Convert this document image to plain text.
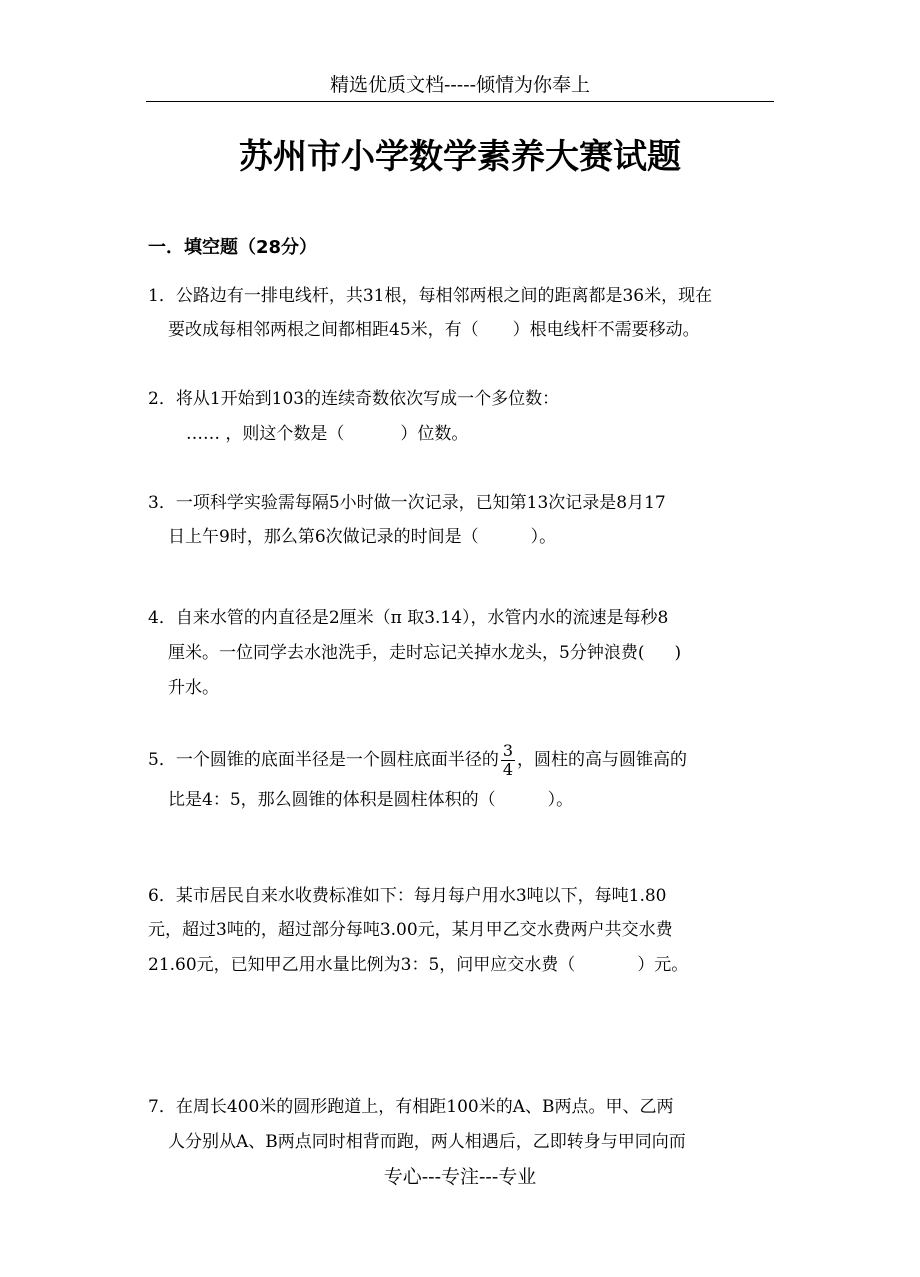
精选优质文档-----倾情为你奉上
苏州市小学数学素养大赛试题
一．填空题（28分）
1．公路边有一排电线杆，共31根，每相邻两根之间的距离都是36米，现在
要改成每相邻两根之间都相距45米，有（ ）根电线杆不需要移动。
2．将从1开始到103的连续奇数依次写成一个多位数：
…… ，则这个数是（	）位数。
3．一项科学实验需每隔5小时做一次记录，已知第13次记录是8月17
日上午9时，那么第6次做记录的时间是（	）。
4．自来水管的内直径是2厘米（π 取3.14），水管内水的流速是每秒8
厘米。一位同学去水池洗手，走时忘记关掉水龙头，5分钟浪费( )
升水。
5．一个圆锥的底面半径是一个圆柱底面半径的 $\frac{3}{4}$ ，圆柱的高与圆锥高的
比是4：5，那么圆锥的体积是圆柱体积的（	）。
6．某市居民自来水收费标准如下：每月每户用水3吨以下，每吨1.80
元，超过3吨的，超过部分每吨3.00元，某月甲乙交水费两户共交水费
21.60元，已知甲乙用水量比例为3：5，问甲应交水费（	）元。
7．在周长400米的圆形跑道上，有相距100米的A、B两点。甲、乙两
人分别从A、B两点同时相背而跑，两人相遇后，乙即转身与甲同向而
专心---专注---专业
